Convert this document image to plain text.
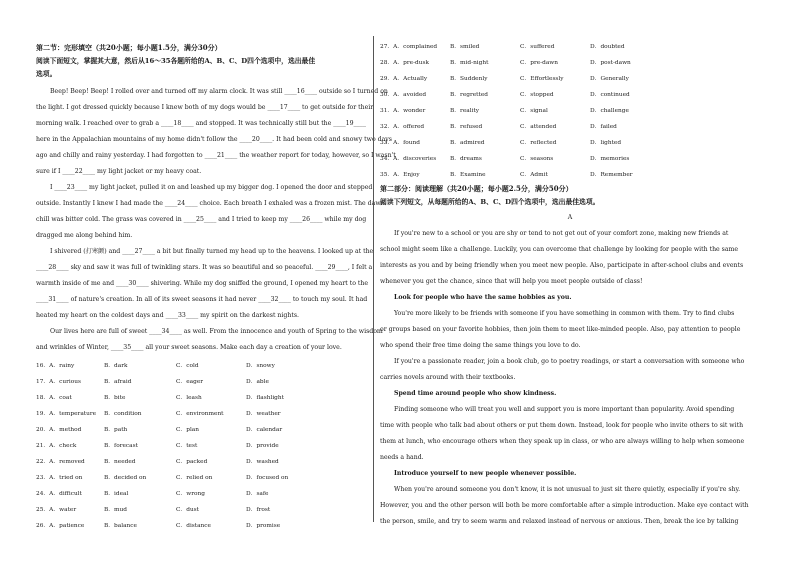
第二节：完形填空（共20小题；每小题1.5分，满分30分）
阅读下面短文，掌握其大意，然后从16～35各题所给的A、B、C、D四个选项中，选出最佳
选项。
Beep! Beep! Beep! I rolled over and turned off my alarm clock. It was still ____16____ outside so I turned on
the light. I got dressed quickly because I knew both of my dogs would be ____17____ to get outside for their
morning walk. I reached over to grab a ____18____ and stopped. It was technically still but the ____19____
here in the Appalachian mountains of my home didn't follow the ____20____. It had been cold and snowy two days
ago and chilly and rainy yesterday. I had forgotten to ____21____ the weather report for today, however, so I wasn't
sure if I ____22____ my light jacket or my heavy coat.
I ____23____ my light jacket, pulled it on and leashed up my bigger dog. I opened the door and stepped
outside. Instantly I knew I had made the ____24____ choice. Each breath I exhaled was a frozen mist. The dawn
chill was bitter cold. The grass was covered in ____25____ and I tried to keep my ____26____ while my dog
dragged me along behind him.
I shivered (打寒颤) and ____27____ a bit but finally turned my head up to the heavens. I looked up at the
____28____ sky and saw it was full of twinkling stars. It was so beautiful and so peaceful. ____29____, I felt a
warmth inside of me and ____30____ shivering. While my dog sniffed the ground, I opened my heart to the
____31____ of nature's creation. In all of its sweet seasons it had never ____32____ to touch my soul. It had
heated my heart on the coldest days and ____33____ my spirit on the darkest nights.
Our lives here are full of sweet ____34____ as well. From the innocence and youth of Spring to the wisdom
and wrinkles of Winter, ____35____ all your sweet seasons. Make each day a creation of your love.
16．A．rainy	B．dark	C．cold	D．snowy
17．A．curious	B．afraid	C．eager	D．able
18．A．coat	B．bite	C．leash	D．flashlight
19．A．temperature B．condition	C．environment	D．weather
20．A．method	B．path	C．plan	D．calendar
21．A．check	B．forecast	C．test	D．provide
22．A．removed	B．needed	C．packed	D．washed
23．A．tried on	B．decided on	C．relied on	D．focused on
24．A．difficult	B．ideal	C．wrong	D．safe
25．A．water	B．mud	C．dust	D．frost
26．A．patience	B．balance	C．distance	D．promise
27．A．complained B．smiled	C．suffered	D．doubted
28．A．pre-dusk	B．mid-night	C．pre-dawn	D．post-dawn
29．A．Actually	B．Suddenly	C．Effortlessly	D．Generally
30．A．avoided	B．regretted	C．stopped	D．continued
31．A．wonder	B．reality	C．signal	D．challenge
32．A．offered	B．refused	C．attended	D．failed
33．A．found	B．admired	C．reflected	D．lighted
34．A．discoveries B．dreams	C．seasons	D．memories
35．A．Enjoy	B．Examine	C．Admit	D．Remember
第二部分：阅读理解（共20小题；每小题2.5分，满分50分）
阅读下列短文，从每题所给的A、B、C、D四个选项中，选出最佳选项。
A
If you're new to a school or you are shy or tend to not get out of your comfort zone, making new friends at
school might seem like a challenge. Luckily, you can overcome that challenge by looking for people with the same
interests as you and by being friendly when you meet new people. Also, participate in after-school clubs and events
whenever you get the chance, since that will help you meet people outside of class!
Look for people who have the same hobbies as you.
You're more likely to be friends with someone if you have something in common with them. Try to find clubs
or groups based on your favorite hobbies, then join them to meet like-minded people. Also, pay attention to people
who spend their free time doing the same things you love to do.
If you're a passionate reader, join a book club, go to poetry readings, or start a conversation with someone who
carries novels around with their textbooks.
Spend time around people who show kindness.
Finding someone who will treat you well and support you is more important than popularity. Avoid spending
time with people who talk bad about others or put them down. Instead, look for people who invite others to sit with
them at lunch, who encourage others when they speak up in class, or who are always willing to help when someone
needs a hand.
Introduce yourself to new people whenever possible.
When you're around someone you don't know, it is not unusual to just sit there quietly, especially if you're shy.
However, you and the other person will both be more comfortable after a simple introduction. Make eye contact with
the person, smile, and try to seem warm and relaxed instead of nervous or anxious. Then, break the ice by talking
